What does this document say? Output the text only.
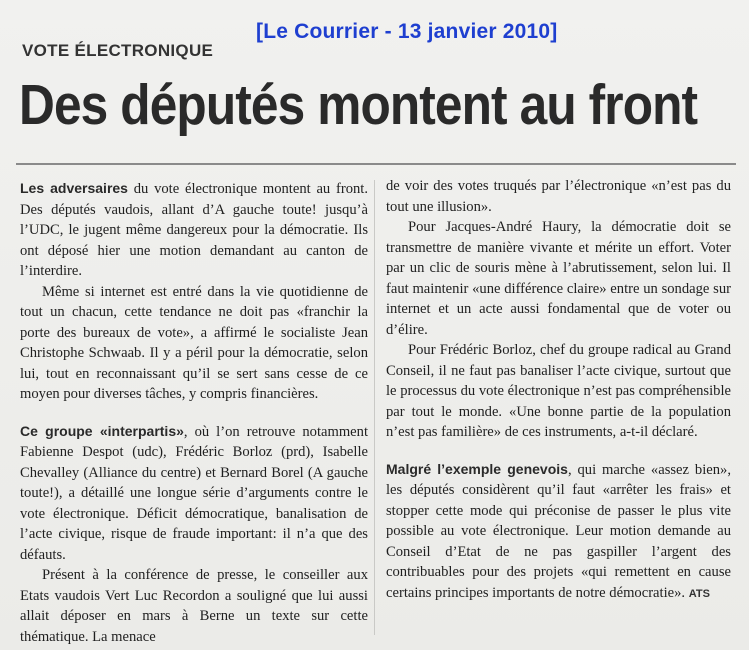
[Le Courrier - 13 janvier 2010]
VOTE ÉLECTRONIQUE
Des députés montent au front

Les adversaires du vote électronique montent au front. Des députés vaudois, allant d’A gauche toute! jusqu’à l’UDC, le jugent même dangereux pour la démocratie. Ils ont déposé hier une motion demandant au canton de l’interdire.

Même si internet est entré dans la vie quotidienne de tout un chacun, cette tendance ne doit pas «franchir la porte des bureaux de vote», a affirmé le socialiste Jean Christophe Schwaab. Il y a péril pour la démocratie, selon lui, tout en reconnaissant qu’il se sert sans cesse de ce moyen pour diverses tâches, y compris financières.

Ce groupe «interpartis», où l’on retrouve notamment Fabienne Despot (udc), Frédéric Borloz (prd), Isabelle Chevalley (Alliance du centre) et Bernard Borel (A gauche toute!), a détaillé une longue série d’arguments contre le vote électronique. Déficit démocratique, banalisation de l’acte civique, risque de fraude important: il n’a que des défauts.

Présent à la conférence de presse, le conseiller aux Etats vaudois Vert Luc Recordon a souligné que lui aussi allait déposer en mars à Berne un texte sur cette thématique. La menace

de voir des votes truqués par l’électronique «n’est pas du tout une illusion».

Pour Jacques-André Haury, la démocratie doit se transmettre de manière vivante et mérite un effort. Voter par un clic de souris mène à l’abrutissement, selon lui. Il faut maintenir «une différence claire» entre un sondage sur internet et un acte aussi fondamental que de voter ou d’élire.

Pour Frédéric Borloz, chef du groupe radical au Grand Conseil, il ne faut pas banaliser l’acte civique, surtout que le processus du vote électronique n’est pas compréhensible par tout le monde. «Une bonne partie de la population n’est pas familière» de ces instruments, a-t-il déclaré.

Malgré l’exemple genevois, qui marche «assez bien», les députés considèrent qu’il faut «arrêter les frais» et stopper cette mode qui préconise de passer le plus vite possible au vote électronique. Leur motion demande au Conseil d’Etat de ne pas gaspiller l’argent des contribuables pour des projets «qui remettent en cause certains principes importants de notre démocratie». ATS
